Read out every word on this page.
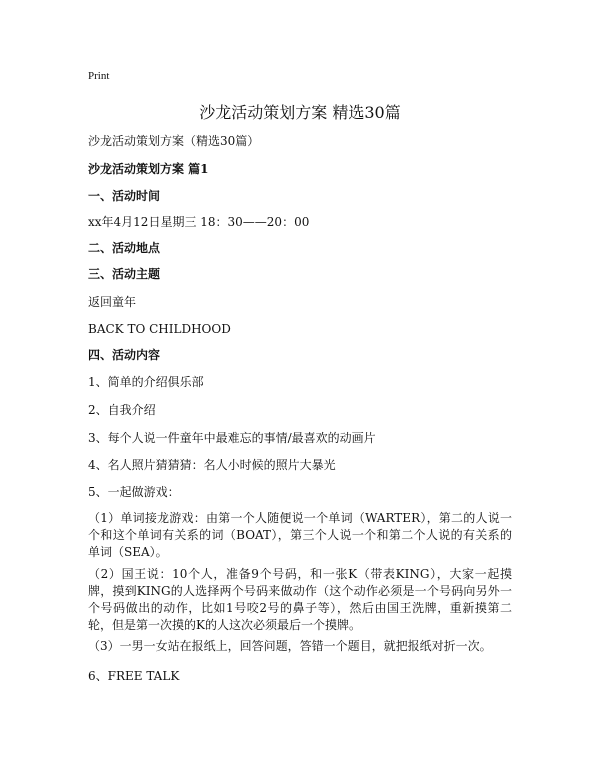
Print
沙龙活动策划方案 精选30篇
沙龙活动策划方案（精选30篇）
沙龙活动策划方案 篇1
一、活动时间
xx年4月12日星期三 18：30——20：00
二、活动地点
三、活动主题
返回童年
BACK TO CHILDHOOD
四、活动内容
1、简单的介绍俱乐部
2、自我介绍
3、每个人说一件童年中最难忘的事情/最喜欢的动画片
4、名人照片猜猜猜：名人小时候的照片大暴光
5、一起做游戏：
（1）单词接龙游戏：由第一个人随便说一个单词（WARTER），第二的人说一个和这个单词有关系的词（BOAT），第三个人说一个和第二个人说的有关系的单词（SEA）。
（2）国王说：10个人，准备9个号码，和一张K（带表KING），大家一起摸牌，摸到KING的人选择两个号码来做动作（这个动作必须是一个号码向另外一个号码做出的动作，比如1号咬2号的鼻子等），然后由国王洗牌，重新摸第二轮，但是第一次摸的K的人这次必须最后一个摸牌。
（3）一男一女站在报纸上，回答问题，答错一个题目，就把报纸对折一次。
6、FREE TALK
